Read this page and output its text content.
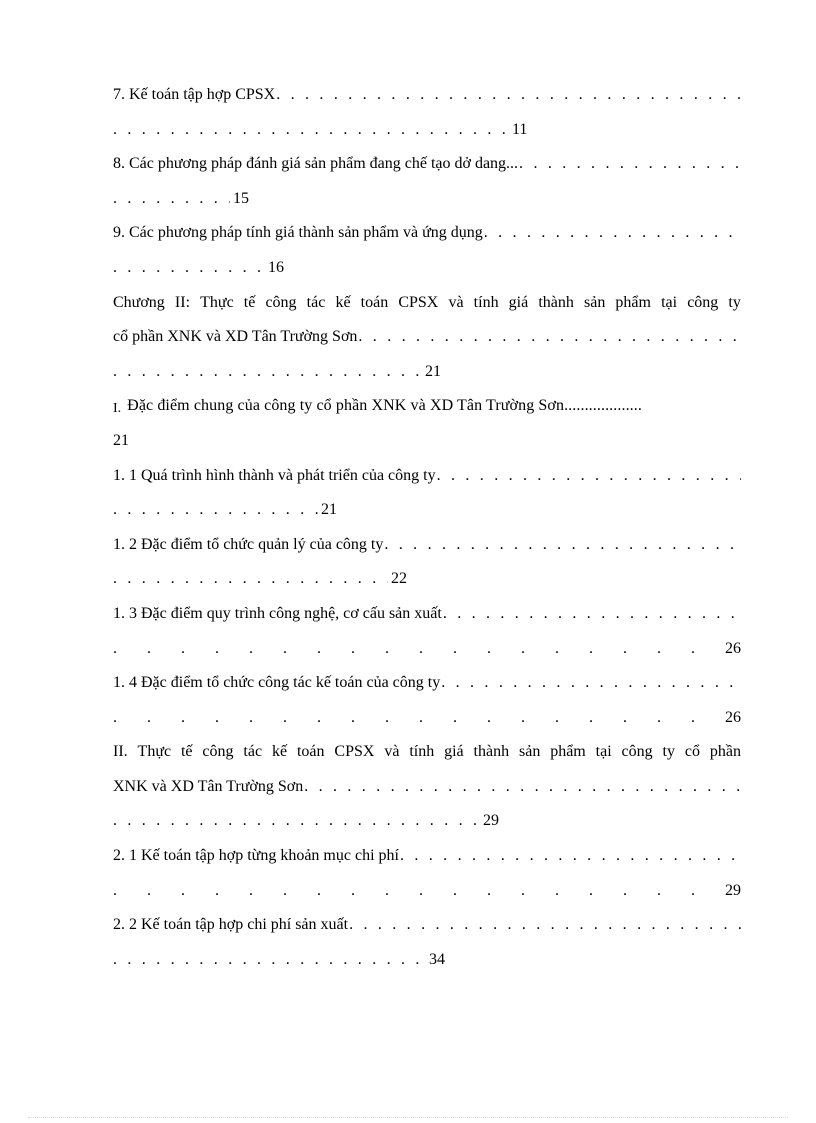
7. Kế toán tập hợp CPSX
. . .
. . .
11
8. Các phương pháp đánh giá sản phẩm đang chế tạo dở dang...
. . .
. . .
15
9. Các phương pháp tính giá thành sản phẩm và ứng dụng
. . .
. . .
16
Chương II: Thực tế công tác kế toán CPSX và tính giá thành sản phẩm tại công ty
cổ phần XNK và XD Tân Trường Sơn
. . .
. . .
21
I. Đặc điểm chung của công ty cổ phần XNK và XD Tân Trường Sơn...................
21
1. 1 Quá trình hình thành và phát triển của công ty
. . .
. . .
21
1. 2 Đặc điểm tổ chức quản lý của công ty
. . .
. . .
22
1. 3 Đặc điểm quy trình công nghệ, cơ cấu sản xuất
. . .
. . .
26
1. 4 Đặc điểm tổ chức công tác kế toán của công ty
. . .
. . .
26
II. Thực tế công tác kế toán CPSX và tính giá thành sản phẩm tại công ty cổ phần
XNK và XD Tân Trường Sơn
. . .
. . .
29
2. 1 Kế toán tập hợp từng khoản mục chi phí
. . .
. . .
29
2. 2 Kế toán tập hợp chi phí sản xuất
. . .
. . .
34
